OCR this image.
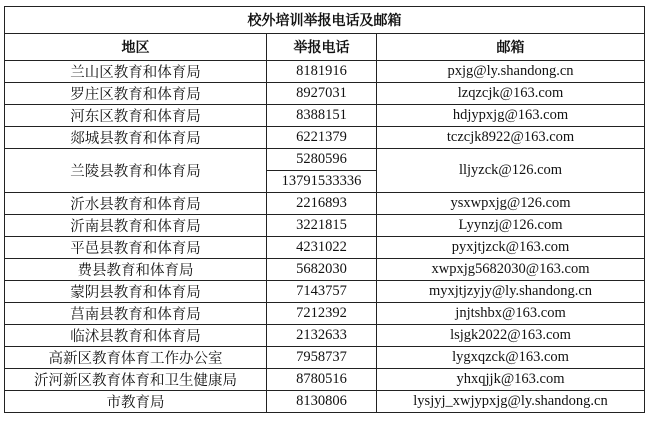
校外培训举报电话及邮箱		
地区	举报电话	邮箱
兰山区教育和体育局	8181916	pxjg@ly.shandong.cn
罗庄区教育和体育局	8927031	lzqzcjk@163.com
河东区教育和体育局	8388151	hdjypxjg@163.com
郯城县教育和体育局	6221379	tczcjk8922@163.com
兰陵县教育和体育局	5280596	lljyzck@126.com
	13791533336	
沂水县教育和体育局	2216893	ysxwpxjg@126.com
沂南县教育和体育局	3221815	Lyynzj@126.com
平邑县教育和体育局	4231022	pyxjtjzck@163.com
费县教育和体育局	5682030	xwpxjg5682030@163.com
蒙阴县教育和体育局	7143757	myxjtjzyjy@ly.shandong.cn
莒南县教育和体育局	7212392	jnjtshbx@163.com
临沭县教育和体育局	2132633	lsjgk2022@163.com
高新区教育体育工作办公室	7958737	lygxqzck@163.com
沂河新区教育体育和卫生健康局	8780516	yhxqjjk@163.com
市教育局	8130806	lysjyj_xwjypxjg@ly.shandong.cn
